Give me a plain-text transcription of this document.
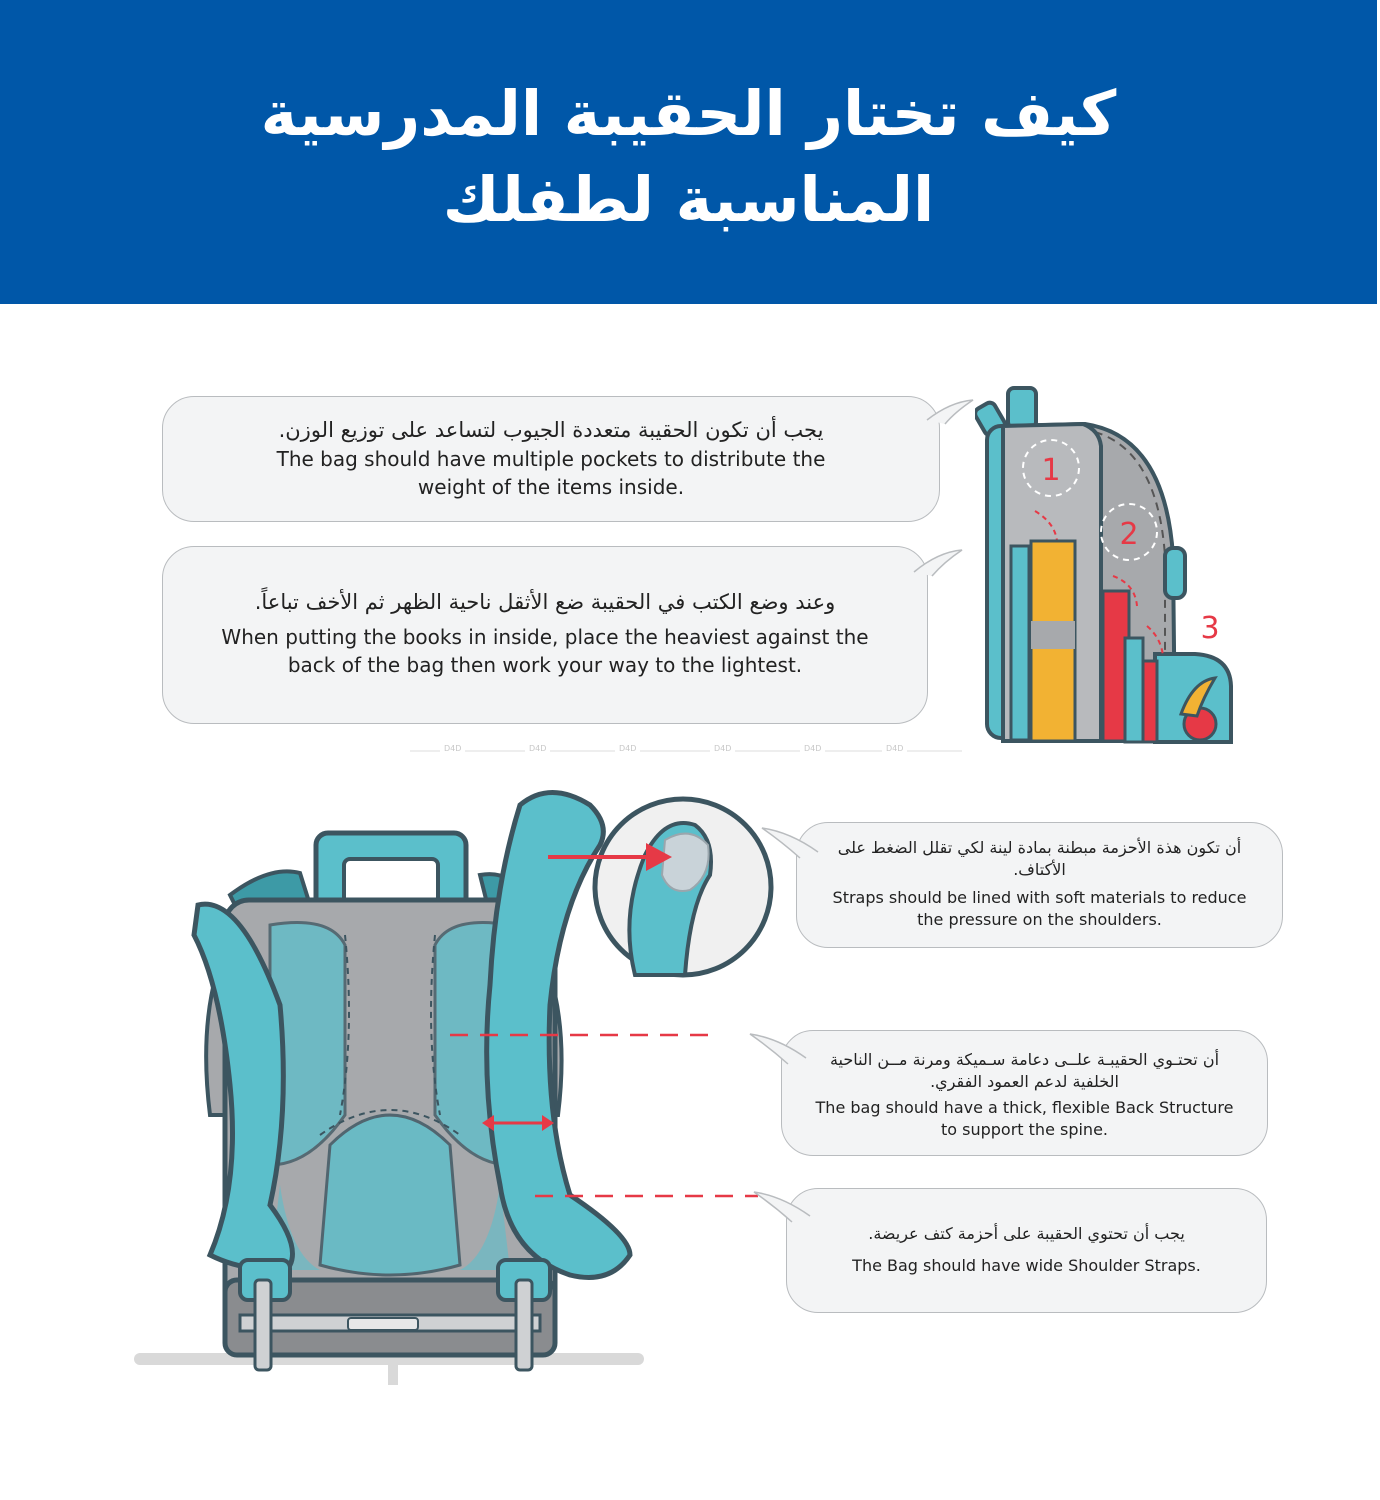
كيف تختار الحقيبة المدرسية
المناسبة لطفلك
يجب أن تكون الحقيبة متعددة الجيوب لتساعد على توزيع الوزن.
The bag should have multiple pockets to distribute the weight of the items inside.
وعند وضع الكتب في الحقيبة ضع الأثقل ناحية الظهر ثم الأخف تباعاً.
When putting the books in inside, place the heaviest against the back of the bag then work your way to the lightest.
1
2
3
D4D	D4D	D4D	D4D	D4D	D4D
أن تكون هذة الأحزمة مبطنة بمادة لينة لكي تقلل الضغط على الأكتاف.
Straps should be lined with soft materials to reduce the pressure on the shoulders.
أن تحتـوي الحقيبـة علــى دعامة سـميكة ومرنة مــن الناحية الخلفية لدعم العمود الفقري.
The bag should have a thick, flexible Back Structure to support the spine.
يجب أن تحتوي الحقيبة على أحزمة كتف عريضة.
The Bag should have wide Shoulder Straps.
